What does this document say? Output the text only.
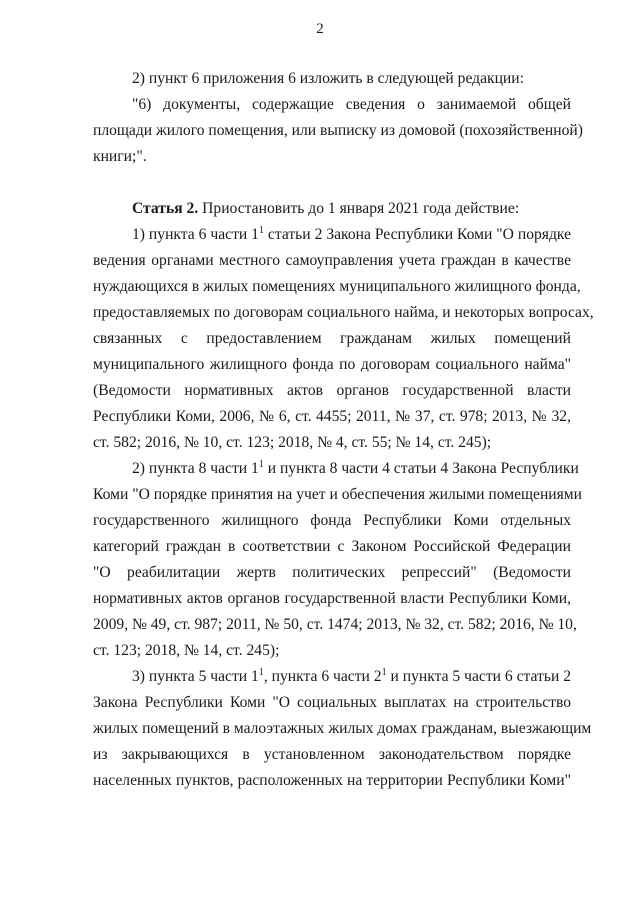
2
2) пункт 6 приложения 6 изложить в следующей редакции:
"6) документы, содержащие сведения о занимаемой общей
площади жилого помещения, или выписку из домовой (похозяйственной)
книги;".
Статья 2. Приостановить до 1 января 2021 года действие:
1) пункта 6 части $1^1$ статьи 2 Закона Республики Коми "О порядке
ведения органами местного самоуправления учета граждан в качестве
нуждающихся в жилых помещениях муниципального жилищного фонда,
предоставляемых по договорам социального найма, и некоторых вопросах,
связанных с предоставлением гражданам жилых помещений
муниципального жилищного фонда по договорам социального найма"
(Ведомости нормативных актов органов государственной власти
Республики Коми, 2006, № 6, ст. 4455; 2011, № 37, ст. 978; 2013, № 32,
ст. 582; 2016, № 10, ст. 123; 2018, № 4, ст. 55; № 14, ст. 245);
2) пункта 8 части $1^1$ и пункта 8 части 4 статьи 4 Закона Республики
Коми "О порядке принятия на учет и обеспечения жилыми помещениями
государственного жилищного фонда Республики Коми отдельных
категорий граждан в соответствии с Законом Российской Федерации
"О реабилитации жертв политических репрессий" (Ведомости
нормативных актов органов государственной власти Республики Коми,
2009, № 49, ст. 987; 2011, № 50, ст. 1474; 2013, № 32, ст. 582; 2016, № 10,
ст. 123; 2018, № 14, ст. 245);
3) пункта 5 части $1^1$, пункта 6 части $2^1$ и пункта 5 части 6 статьи 2
Закона Республики Коми "О социальных выплатах на строительство
жилых помещений в малоэтажных жилых домах гражданам, выезжающим
из закрывающихся в установленном законодательством порядке
населенных пунктов, расположенных на территории Республики Коми"
